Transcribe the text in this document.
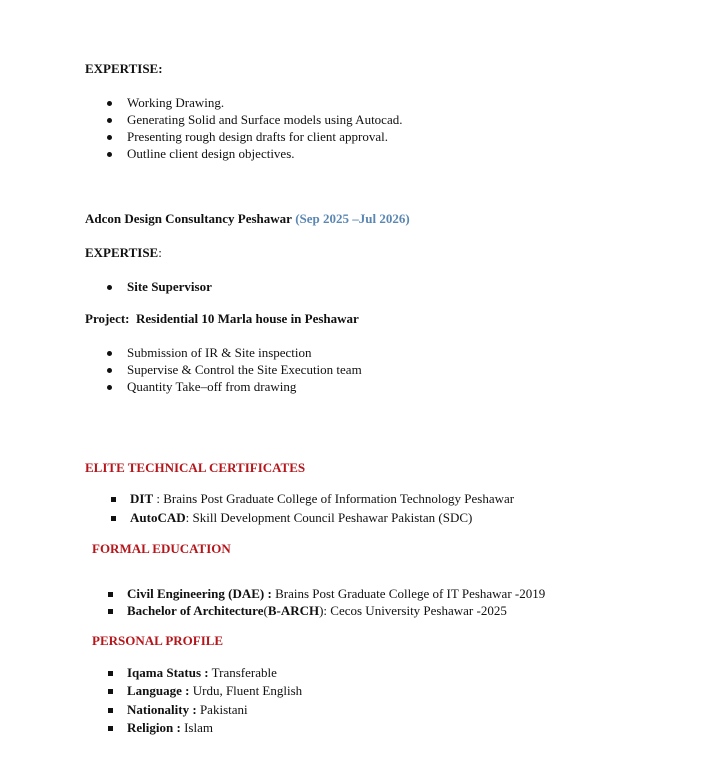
EXPERTISE:
Working Drawing.
Generating Solid and Surface models using Autocad.
Presenting rough design drafts for client approval.
Outline client design objectives.
Adcon Design Consultancy Peshawar (Sep 2025 –Jul 2026)
EXPERTISE:
Site Supervisor
Project: Residential 10 Marla house in Peshawar
Submission of IR & Site inspection
Supervise & Control the Site Execution team
Quantity Take–off from drawing
ELITE TECHNICAL CERTIFICATES
DIT : Brains Post Graduate College of Information Technology Peshawar
AutoCAD: Skill Development Council Peshawar Pakistan (SDC)
FORMAL EDUCATION
Civil Engineering (DAE) : Brains Post Graduate College of IT Peshawar -2019
Bachelor of Architecture(B-ARCH): Cecos University Peshawar -2025
PERSONAL PROFILE
Iqama Status : Transferable
Language : Urdu, Fluent English
Nationality : Pakistani
Religion : Islam
